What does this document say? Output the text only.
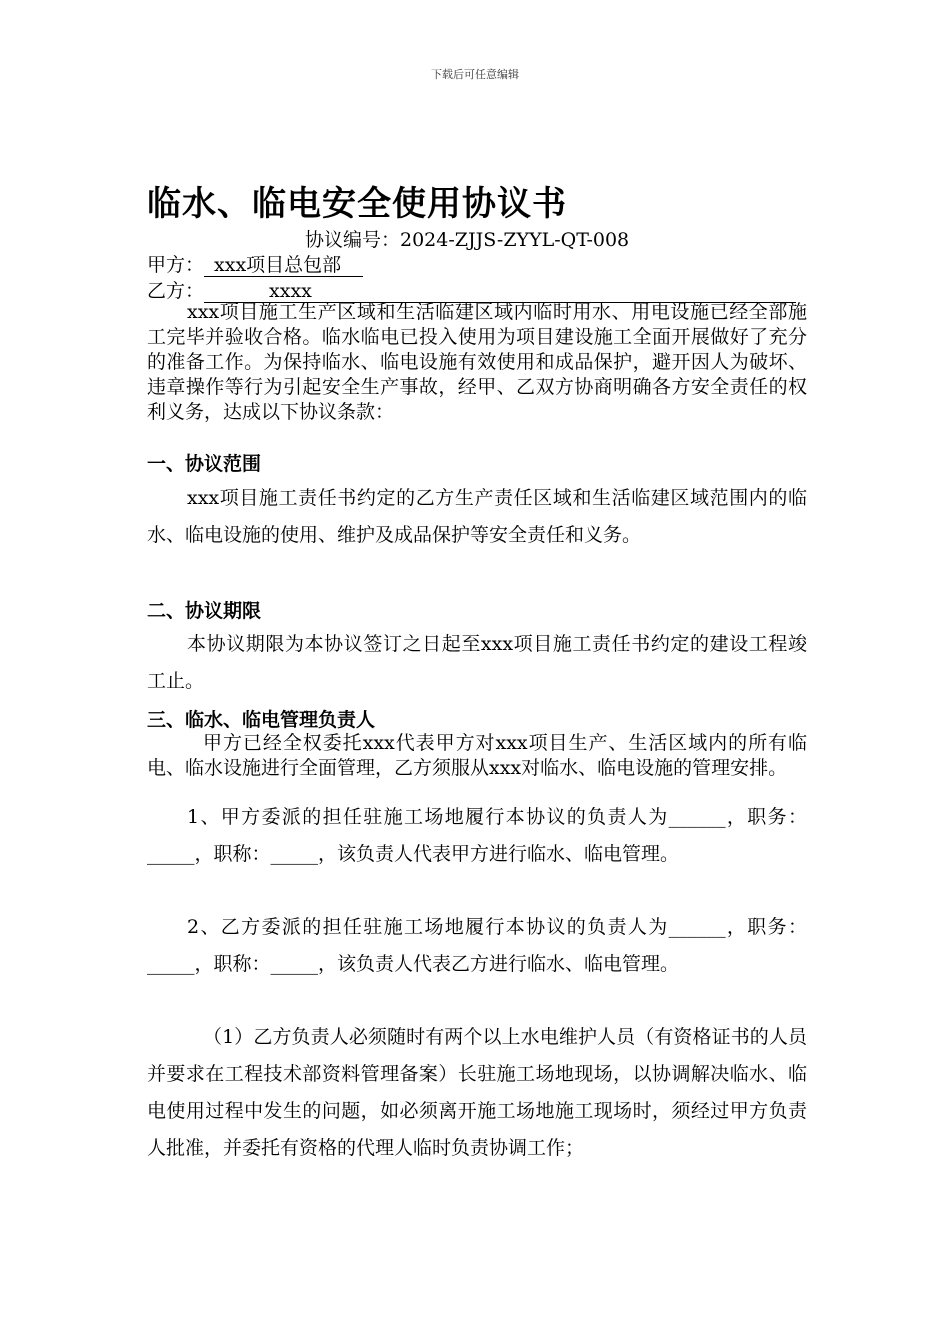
下载后可任意编辑
临水、临电安全使用协议书
协议编号：2024-ZJJS-ZYYL-QT-008
甲方： xxx项目总包部
乙方：	xxxx

xxx项目施工生产区域和生活临建区域内临时用水、用电设施已经全部施工完毕并验收合格。临水临电已投入使用为项目建设施工全面开展做好了充分的准备工作。为保持临水、临电设施有效使用和成品保护，避开因人为破坏、违章操作等行为引起安全生产事故，经甲、乙双方协商明确各方安全责任的权利义务，达成以下协议条款：

一、协议范围

xxx项目施工责任书约定的乙方生产责任区域和生活临建区域范围内的临水、临电设施的使用、维护及成品保护等安全责任和义务。

二、协议期限

本协议期限为本协议签订之日起至xxx项目施工责任书约定的建设工程竣工止。

三、临水、临电管理负责人

甲方已经全权委托xxx代表甲方对xxx项目生产、生活区域内的所有临电、临水设施进行全面管理，乙方须服从xxx对临水、临电设施的管理安排。

1、甲方委派的担任驻施工场地履行本协议的负责人为______，职务：_____，职称：_____，该负责人代表甲方进行临水、临电管理。

2、乙方委派的担任驻施工场地履行本协议的负责人为______，职务：_____，职称：_____，该负责人代表乙方进行临水、临电管理。

（1）乙方负责人必须随时有两个以上水电维护人员（有资格证书的人员并要求在工程技术部资料管理备案）长驻施工场地现场，以协调解决临水、临电使用过程中发生的问题，如必须离开施工场地施工现场时，须经过甲方负责人批准，并委托有资格的代理人临时负责协调工作；
